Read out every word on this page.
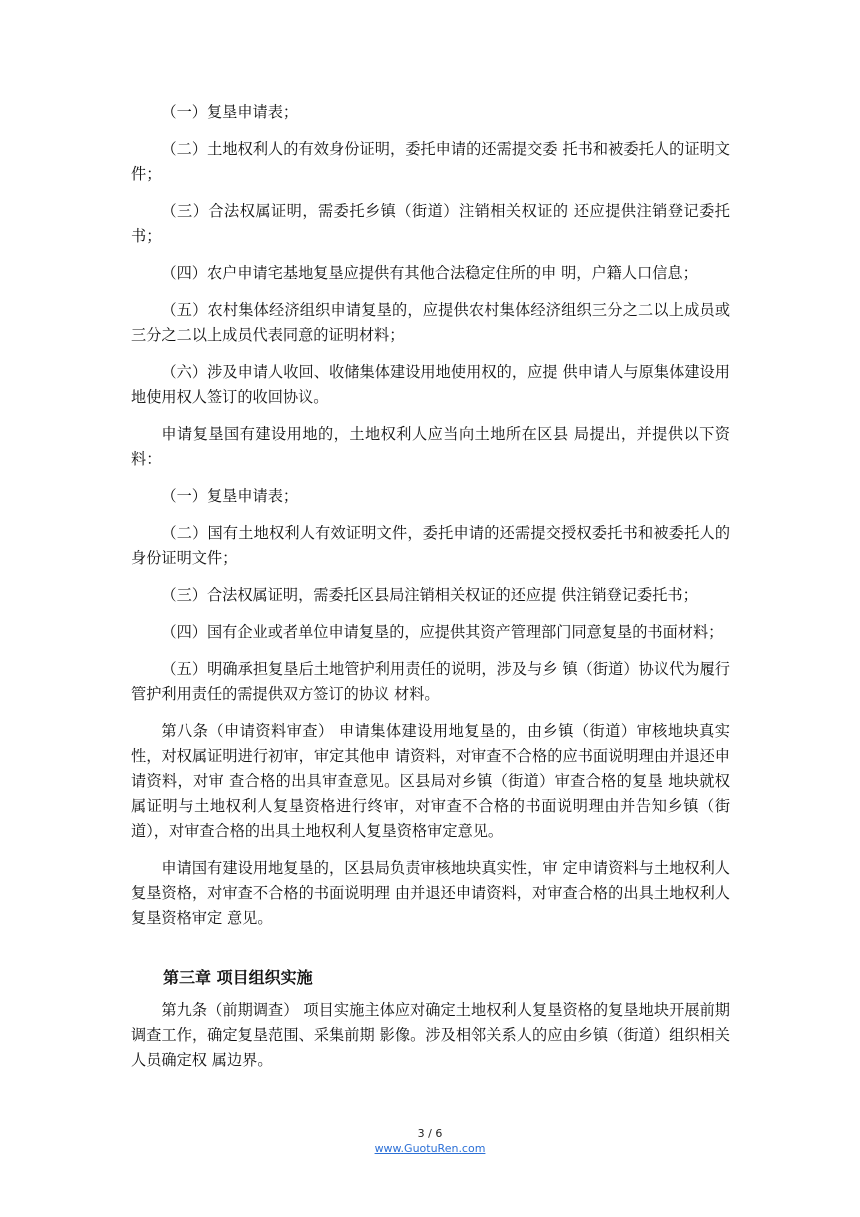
（一）复垦申请表；

（二）土地权利人的有效身份证明，委托申请的还需提交委 托书和被委托人的证明文件；

（三）合法权属证明，需委托乡镇（街道）注销相关权证的 还应提供注销登记委托书；

（四）农户申请宅基地复垦应提供有其他合法稳定住所的申 明，户籍人口信息；

（五）农村集体经济组织申请复垦的，应提供农村集体经济组织三分之二以上成员或三分之二以上成员代表同意的证明材料；

（六）涉及申请人收回、收储集体建设用地使用权的，应提 供申请人与原集体建设用地使用权人签订的收回协议。

申请复垦国有建设用地的，土地权利人应当向土地所在区县 局提出，并提供以下资料：

（一）复垦申请表；

（二）国有土地权利人有效证明文件，委托申请的还需提交授权委托书和被委托人的身份证明文件；

（三）合法权属证明，需委托区县局注销相关权证的还应提 供注销登记委托书；

（四）国有企业或者单位申请复垦的，应提供其资产管理部门同意复垦的书面材料；

（五）明确承担复垦后土地管护利用责任的说明，涉及与乡 镇（街道）协议代为履行管护利用责任的需提供双方签订的协议 材料。

第八条（申请资料审查） 申请集体建设用地复垦的，由乡镇（街道）审核地块真实性，对权属证明进行初审，审定其他申 请资料，对审查不合格的应书面说明理由并退还申请资料，对审 查合格的出具审查意见。区县局对乡镇（街道）审查合格的复垦 地块就权属证明与土地权利人复垦资格进行终审，对审查不合格的书面说明理由并告知乡镇（街道），对审查合格的出具土地权利人复垦资格审定意见。

申请国有建设用地复垦的，区县局负责审核地块真实性，审 定申请资料与土地权利人复垦资格，对审查不合格的书面说明理 由并退还申请资料，对审查合格的出具土地权利人复垦资格审定 意见。

第三章 项目组织实施

第九条（前期调查） 项目实施主体应对确定土地权利人复垦资格的复垦地块开展前期调查工作，确定复垦范围、采集前期 影像。涉及相邻关系人的应由乡镇（街道）组织相关人员确定权 属边界。

3 / 6
www.GuotuRen.com
